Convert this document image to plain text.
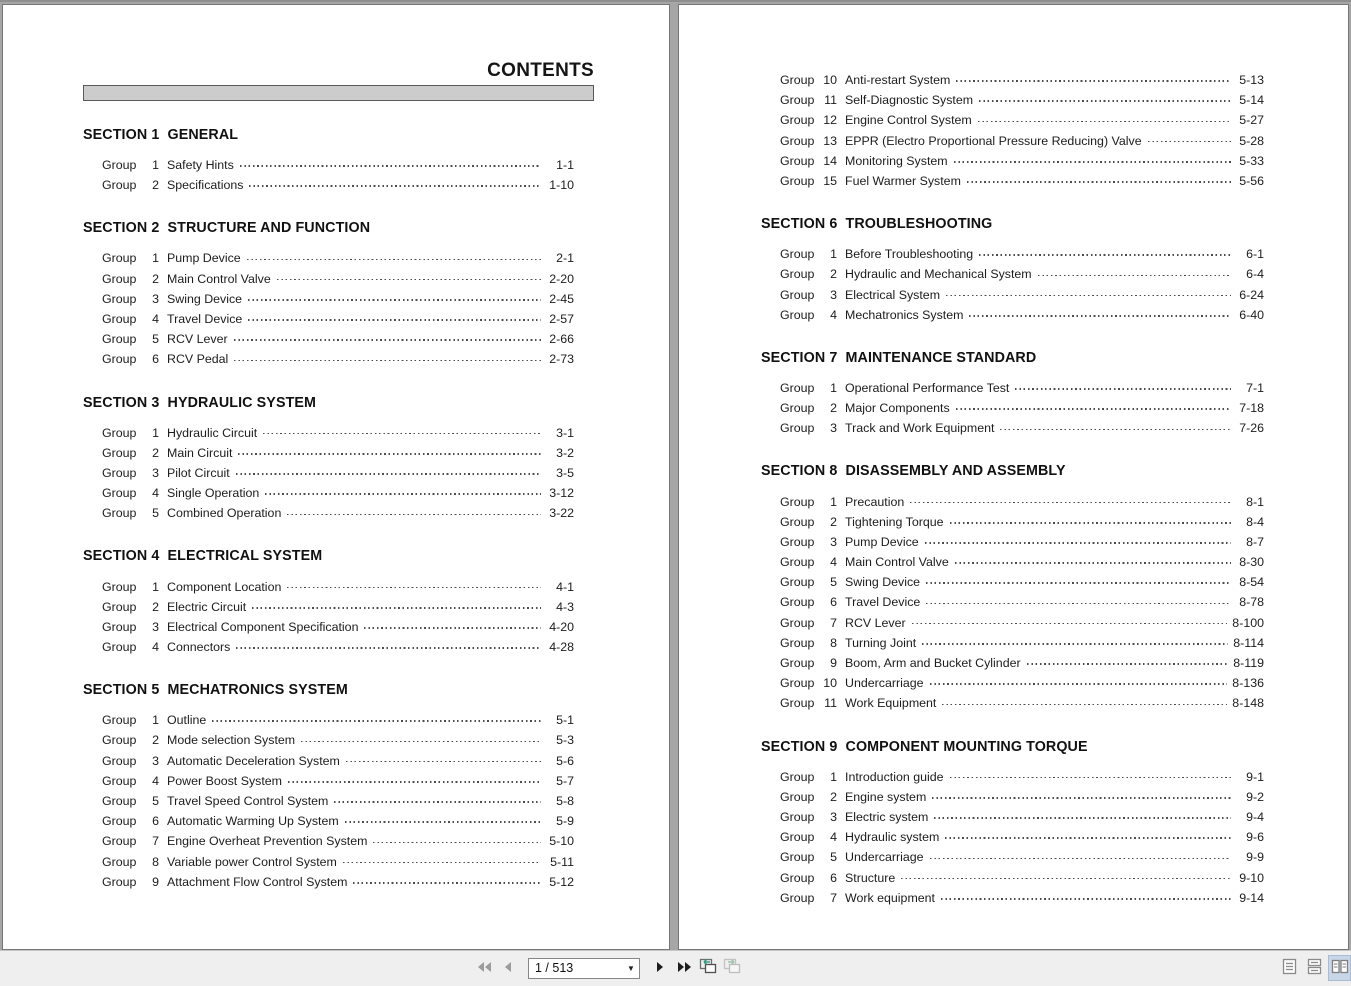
CONTENTS
SECTION 1  GENERAL
Group	1 Safety Hints	1-1
Group	2 Specifications	1-10
SECTION 2  STRUCTURE AND FUNCTION
Group	1 Pump Device	2-1
Group	2 Main Control Valve	2-20
Group	3 Swing Device	2-45
Group	4 Travel Device	2-57
Group	5 RCV Lever	2-66
Group	6 RCV Pedal	2-73
SECTION 3  HYDRAULIC SYSTEM
Group	1 Hydraulic Circuit	3-1
Group	2 Main Circuit	3-2
Group	3 Pilot Circuit	3-5
Group	4 Single Operation	3-12
Group	5 Combined Operation	3-22
SECTION 4  ELECTRICAL SYSTEM
Group	1 Component Location	4-1
Group	2 Electric Circuit	4-3
Group	3 Electrical Component Specification	4-20
Group	4 Connectors	4-28
SECTION 5  MECHATRONICS SYSTEM
Group	1 Outline	5-1
Group	2 Mode selection System	5-3
Group	3 Automatic Deceleration System	5-6
Group	4 Power Boost System	5-7
Group	5 Travel Speed Control System	5-8
Group	6 Automatic Warming Up System	5-9
Group	7 Engine Overheat Prevention System	5-10
Group	8 Variable power Control System	5-11
Group	9 Attachment Flow Control System	5-12
Group 10 Anti-restart System	5-13
Group 11 Self-Diagnostic System	5-14
Group 12 Engine Control System	5-27
Group 13 EPPR (Electro Proportional Pressure Reducing) Valve	5-28
Group 14 Monitoring System	5-33
Group 15 Fuel Warmer System	5-56
SECTION 6  TROUBLESHOOTING
Group	1 Before Troubleshooting	6-1
Group	2 Hydraulic and Mechanical System	6-4
Group	3 Electrical System	6-24
Group	4 Mechatronics System	6-40
SECTION 7  MAINTENANCE STANDARD
Group	1 Operational Performance Test	7-1
Group	2 Major Components	7-18
Group	3 Track and Work Equipment	7-26
SECTION 8  DISASSEMBLY AND ASSEMBLY
Group	1 Precaution	8-1
Group	2 Tightening Torque	8-4
Group	3 Pump Device	8-7
Group	4 Main Control Valve	8-30
Group	5 Swing Device	8-54
Group	6 Travel Device	8-78
Group	7 RCV Lever	8-100
Group	8 Turning Joint	8-114
Group	9 Boom, Arm and Bucket Cylinder	8-119
Group 10 Undercarriage	8-136
Group 11 Work Equipment	8-148
SECTION 9  COMPONENT MOUNTING TORQUE
Group	1 Introduction guide	9-1
Group	2 Engine system	9-2
Group	3 Electric system	9-4
Group	4 Hydraulic system	9-6
Group	5 Undercarriage	9-9
Group	6 Structure	9-10
Group	7 Work equipment	9-14
1 / 513
▼
